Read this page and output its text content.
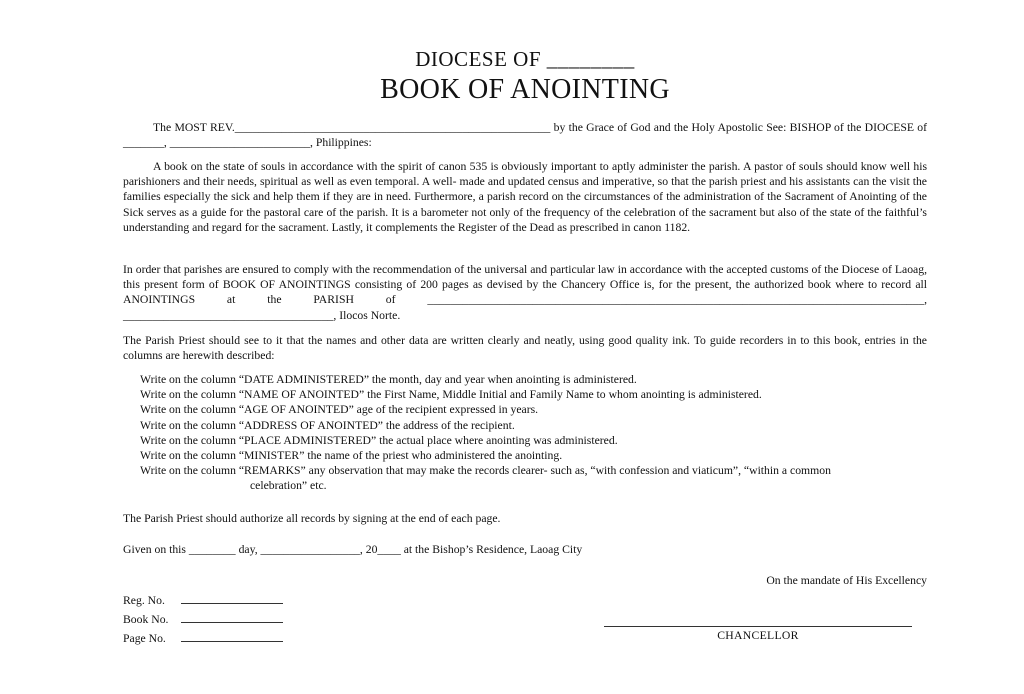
DIOCESE OF ________
BOOK OF ANOINTING
The MOST REV.______________________________________________________ by the Grace of God and the Holy Apostolic See: BISHOP of the DIOCESE of _______, ________________________, Philippines:
A book on the state of souls in accordance with the spirit of canon 535 is obviously important to aptly administer the parish. A pastor of souls should know well his parishioners and their needs, spiritual as well as even temporal. A well- made and updated census and imperative, so that the parish priest and his assistants can the visit the families especially the sick and help them if they are in need. Furthermore, a parish record on the circumstances of the administration of the Sacrament of Anointing of the Sick serves as a guide for the pastoral care of the parish. It is a barometer not only of the frequency of the celebration of the sacrament but also of the state of the faithful’s understanding and regard for the sacrament. Lastly, it complements the Register of the Dead as prescribed in canon 1182.
In order that parishes are ensured to comply with the recommendation of the universal and particular law in accordance with the accepted customs of the Diocese of Laoag, this present form of BOOK OF ANOINTINGS consisting of 200 pages as devised by the Chancery Office is, for the present, the authorized book where to record all ANOINTINGS at the PARISH of _____________________________________________________________________________________, ____________________________________, Ilocos Norte.
The Parish Priest should see to it that the names and other data are written clearly and neatly, using good quality ink. To guide recorders in to this book, entries in the columns are herewith described:
Write on the column “DATE ADMINISTERED” the month, day and year when anointing is administered.
Write on the column “NAME OF ANOINTED” the First Name, Middle Initial and Family Name to whom anointing is administered.
Write on the column “AGE OF ANOINTED” age of the recipient expressed in years.
Write on the column “ADDRESS OF ANOINTED” the address of the recipient.
Write on the column “PLACE ADMINISTERED” the actual place where anointing was administered.
Write on the column “MINISTER” the name of the priest who administered the anointing.
Write on the column “REMARKS” any observation that may make the records clearer- such as, “with confession and viaticum”, “within a common
celebration” etc.
The Parish Priest should authorize all records by signing at the end of each page.
Given on this ________ day, _________________, 20____ at the Bishop’s Residence, Laoag City
On the mandate of His Excellency
Reg. No.
Book No.
Page No.	CHANCELLOR
